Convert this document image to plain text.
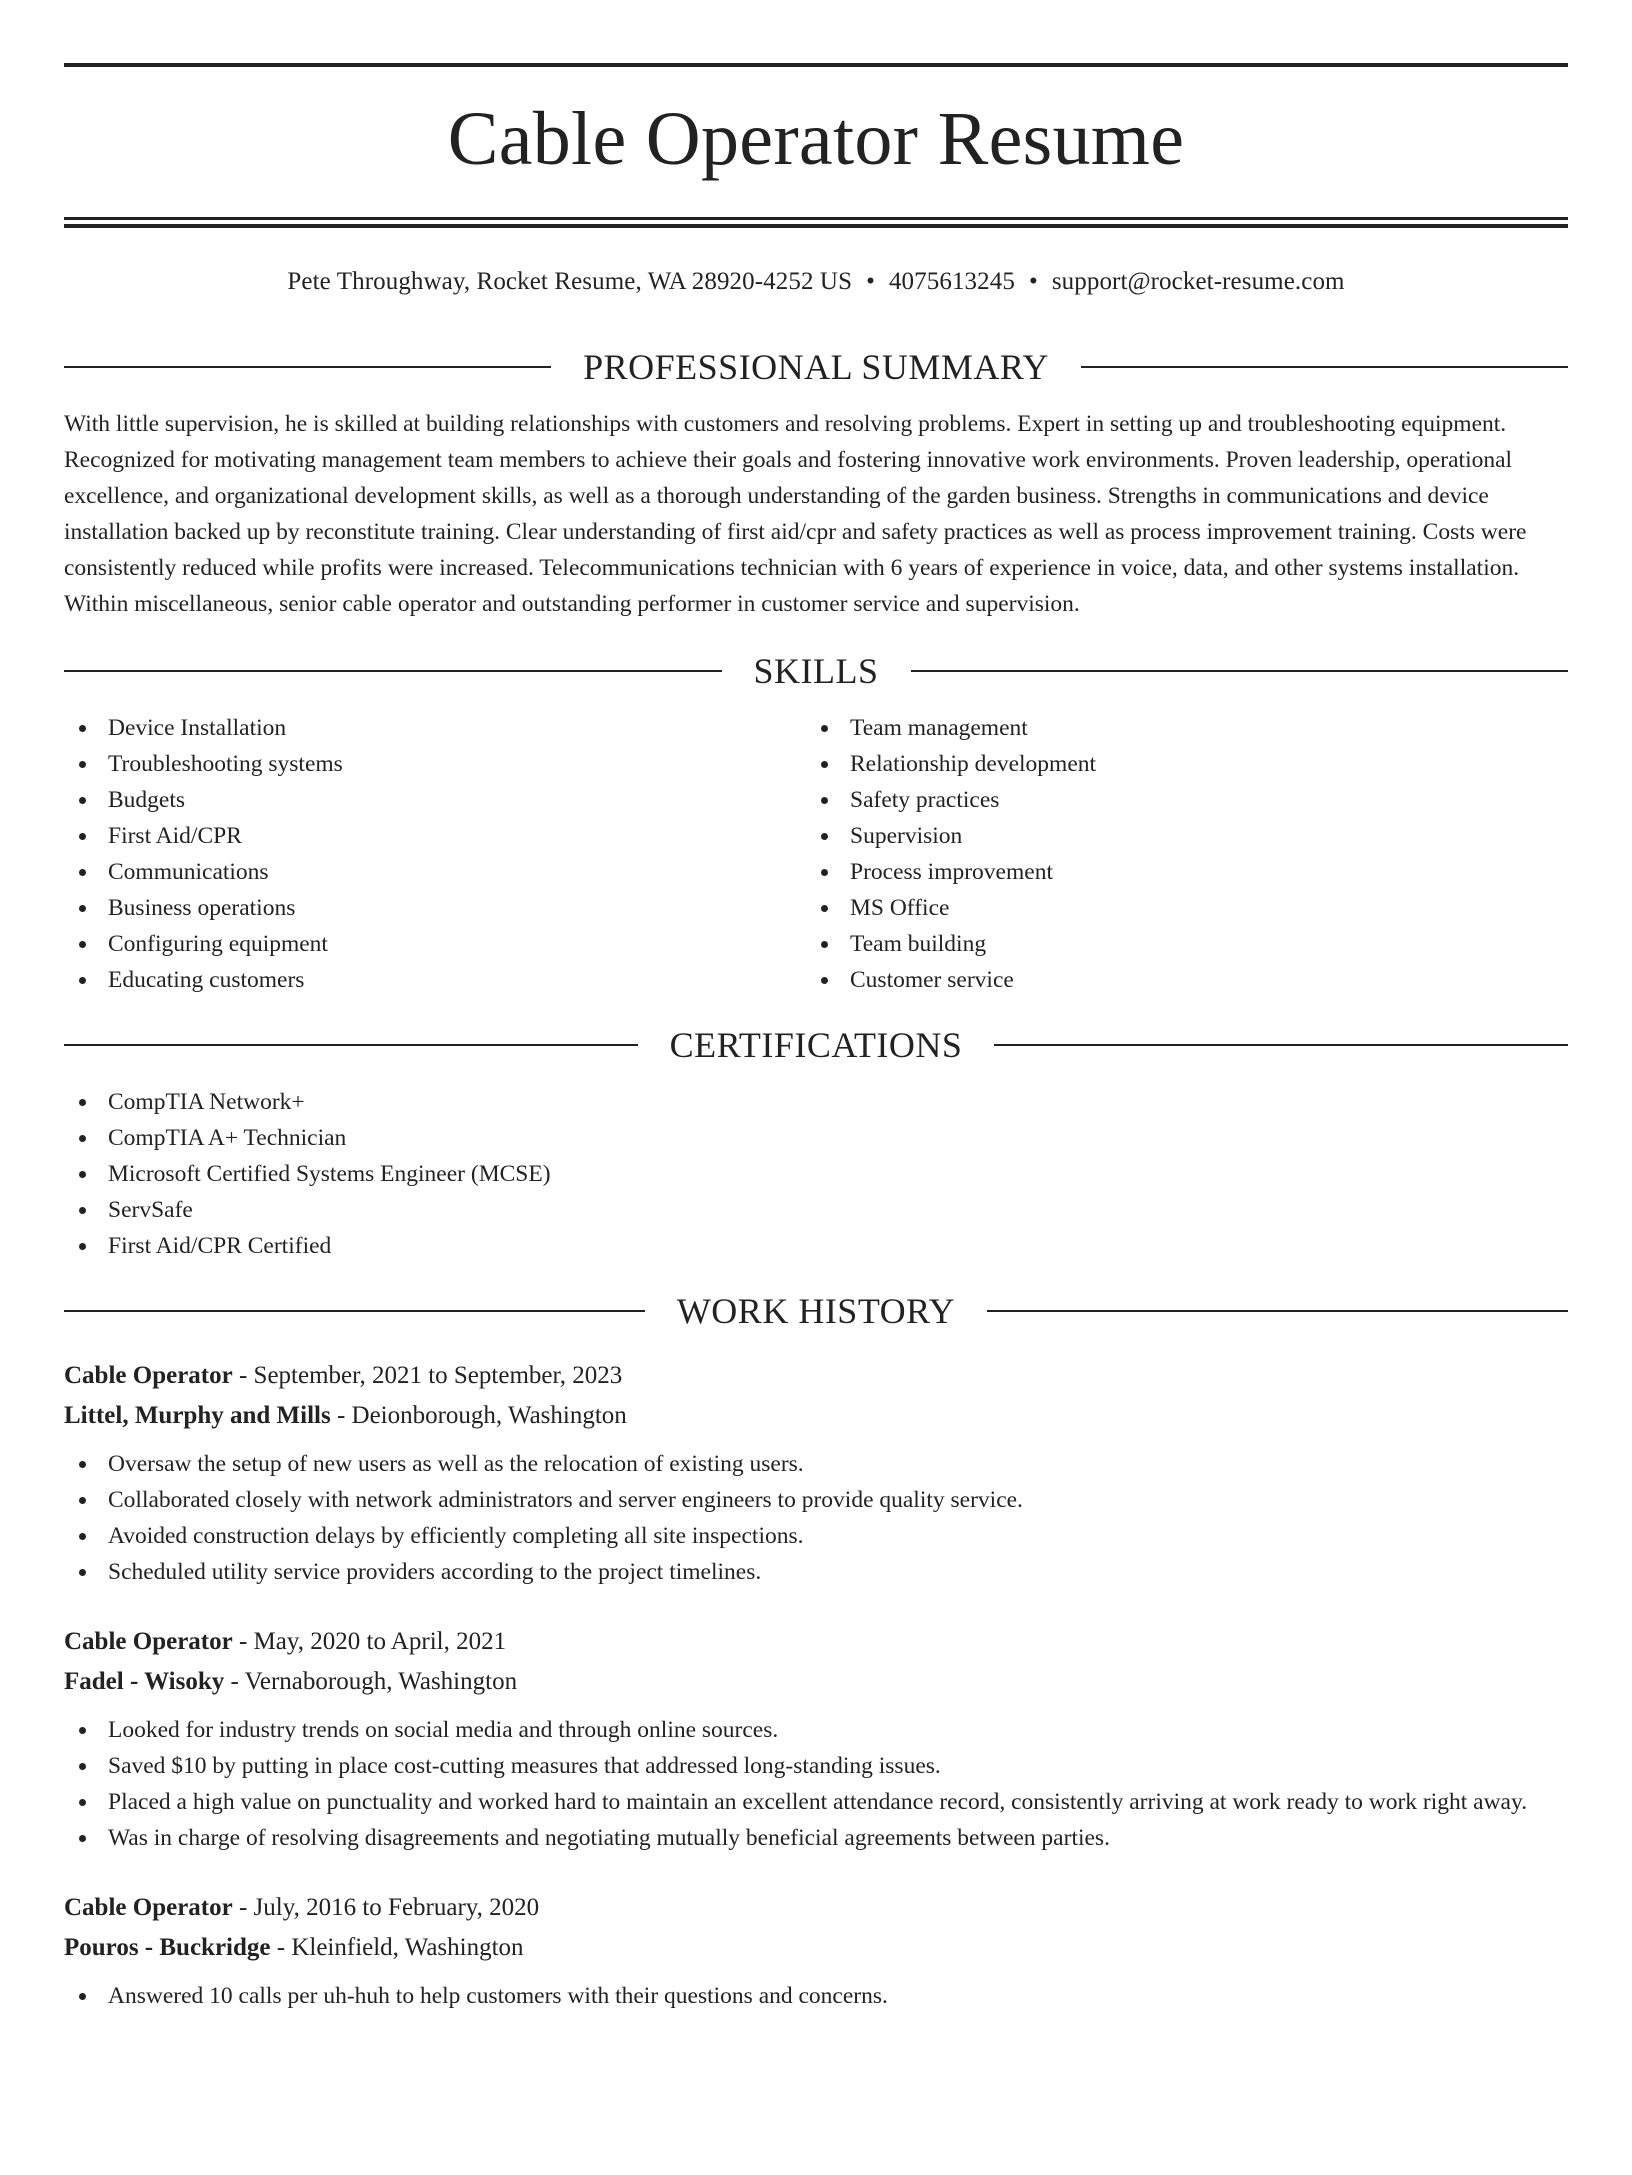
Cable Operator Resume
Pete Throughway, Rocket Resume, WA 28920-4252 US • 4075613245 • support@rocket-resume.com
PROFESSIONAL SUMMARY

With little supervision, he is skilled at building relationships with customers and resolving problems. Expert in setting up and troubleshooting equipment. Recognized for motivating management team members to achieve their goals and fostering innovative work environments. Proven leadership, operational excellence, and organizational development skills, as well as a thorough understanding of the garden business. Strengths in communications and device installation backed up by reconstitute training. Clear understanding of first aid/cpr and safety practices as well as process improvement training. Costs were consistently reduced while profits were increased. Telecommunications technician with 6 years of experience in voice, data, and other systems installation. Within miscellaneous, senior cable operator and outstanding performer in customer service and supervision.

SKILLS
Device Installation
Troubleshooting systems
Budgets
First Aid/CPR
Communications
Business operations
Configuring equipment
Educating customers
Team management
Relationship development
Safety practices
Supervision
Process improvement
MS Office
Team building
Customer service
CERTIFICATIONS
CompTIA Network+
CompTIA A+ Technician
Microsoft Certified Systems Engineer (MCSE)
ServSafe
First Aid/CPR Certified
WORK HISTORY
Cable Operator - September, 2021 to September, 2023
Littel, Murphy and Mills - Deionborough, Washington
Oversaw the setup of new users as well as the relocation of existing users.
Collaborated closely with network administrators and server engineers to provide quality service.
Avoided construction delays by efficiently completing all site inspections.
Scheduled utility service providers according to the project timelines.
Cable Operator - May, 2020 to April, 2021
Fadel - Wisoky - Vernaborough, Washington
Looked for industry trends on social media and through online sources.
Saved $10 by putting in place cost-cutting measures that addressed long-standing issues.
Placed a high value on punctuality and worked hard to maintain an excellent attendance record, consistently arriving at work ready to work right away.
Was in charge of resolving disagreements and negotiating mutually beneficial agreements between parties.
Cable Operator - July, 2016 to February, 2020
Pouros - Buckridge - Kleinfield, Washington
Answered 10 calls per uh-huh to help customers with their questions and concerns.
